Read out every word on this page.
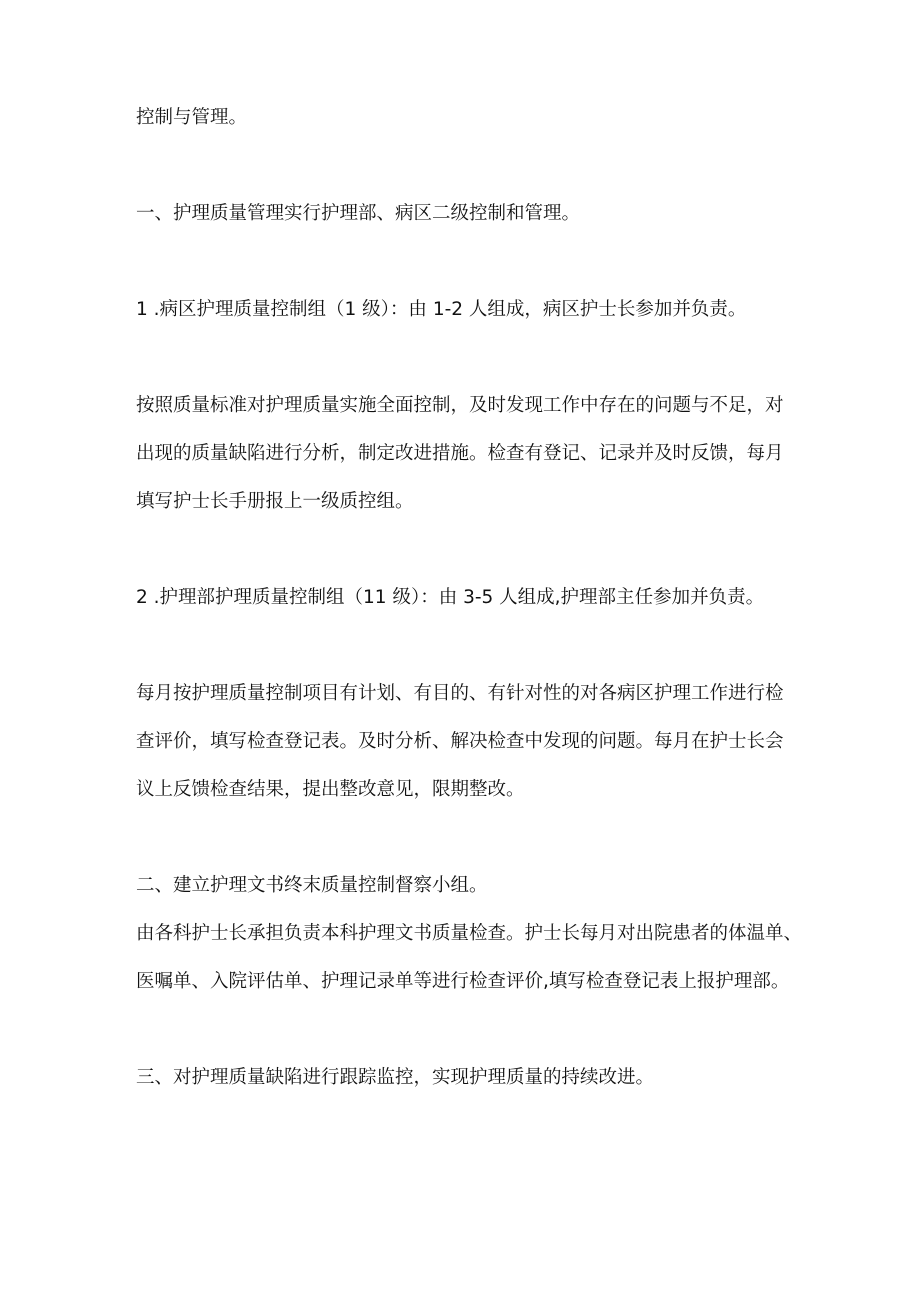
控制与管理。

一、护理质量管理实行护理部、病区二级控制和管理。

1 .病区护理质量控制组（1 级）：由 1-2 人组成，病区护士长参加并负责。

按照质量标准对护理质量实施全面控制，及时发现工作中存在的问题与不足，对

出现的质量缺陷进行分析，制定改进措施。检查有登记、记录并及时反馈，每月

填写护士长手册报上一级质控组。

2 .护理部护理质量控制组（11 级）：由 3-5 人组成,护理部主任参加并负责。

每月按护理质量控制项目有计划、有目的、有针对性的对各病区护理工作进行检

查评价，填写检查登记表。及时分析、解决检查中发现的问题。每月在护士长会

议上反馈检查结果，提出整改意见，限期整改。

二、建立护理文书终末质量控制督察小组。

由各科护士长承担负责本科护理文书质量检查。护士长每月对出院患者的体温单、

医嘱单、入院评估单、护理记录单等进行检查评价,填写检查登记表上报护理部。

三、对护理质量缺陷进行跟踪监控，实现护理质量的持续改进。
